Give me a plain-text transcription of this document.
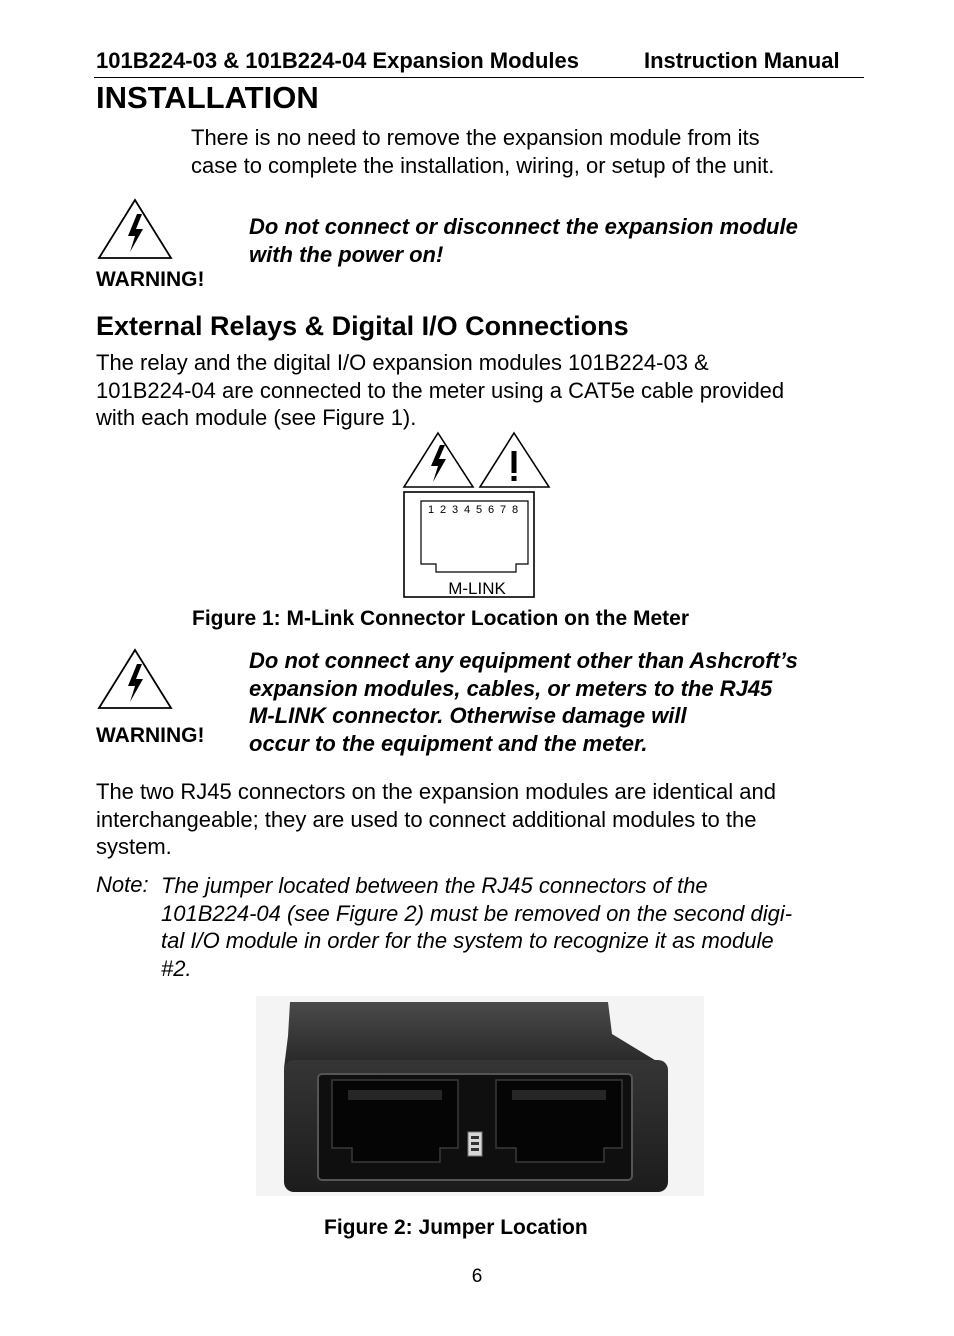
101B224-03 & 101B224-04 Expansion Modules	Instruction Manual

INSTALLATION
There is no need to remove the expansion module from its
case to complete the installation, wiring, or setup of the unit.

WARNING!

Do not connect or disconnect the expansion module
with the power on!
External Relays & Digital I/O Connections
The relay and the digital I/O expansion modules 101B224-03 &
101B224-04 are connected to the meter using a CAT5e cable provided
with each module (see Figure 1).
1 2 3 4 5 6 7 8
M-LINK

Figure 1: M-Link Connector Location on the Meter

WARNING!

Do not connect any equipment other than Ashcroft’s
expansion modules, cables, or meters to the RJ45
M-LINK connector. Otherwise damage will
occur to the equipment and the meter.
The two RJ45 connectors on the expansion modules are identical and
interchangeable; they are used to connect additional modules to the
system.

Note: The jumper located between the RJ45 connectors of the
101B224-04 (see Figure 2) must be removed on the second digi-
tal I/O module in order for the system to recognize it as module
#2.

Figure 2: Jumper Location

6
